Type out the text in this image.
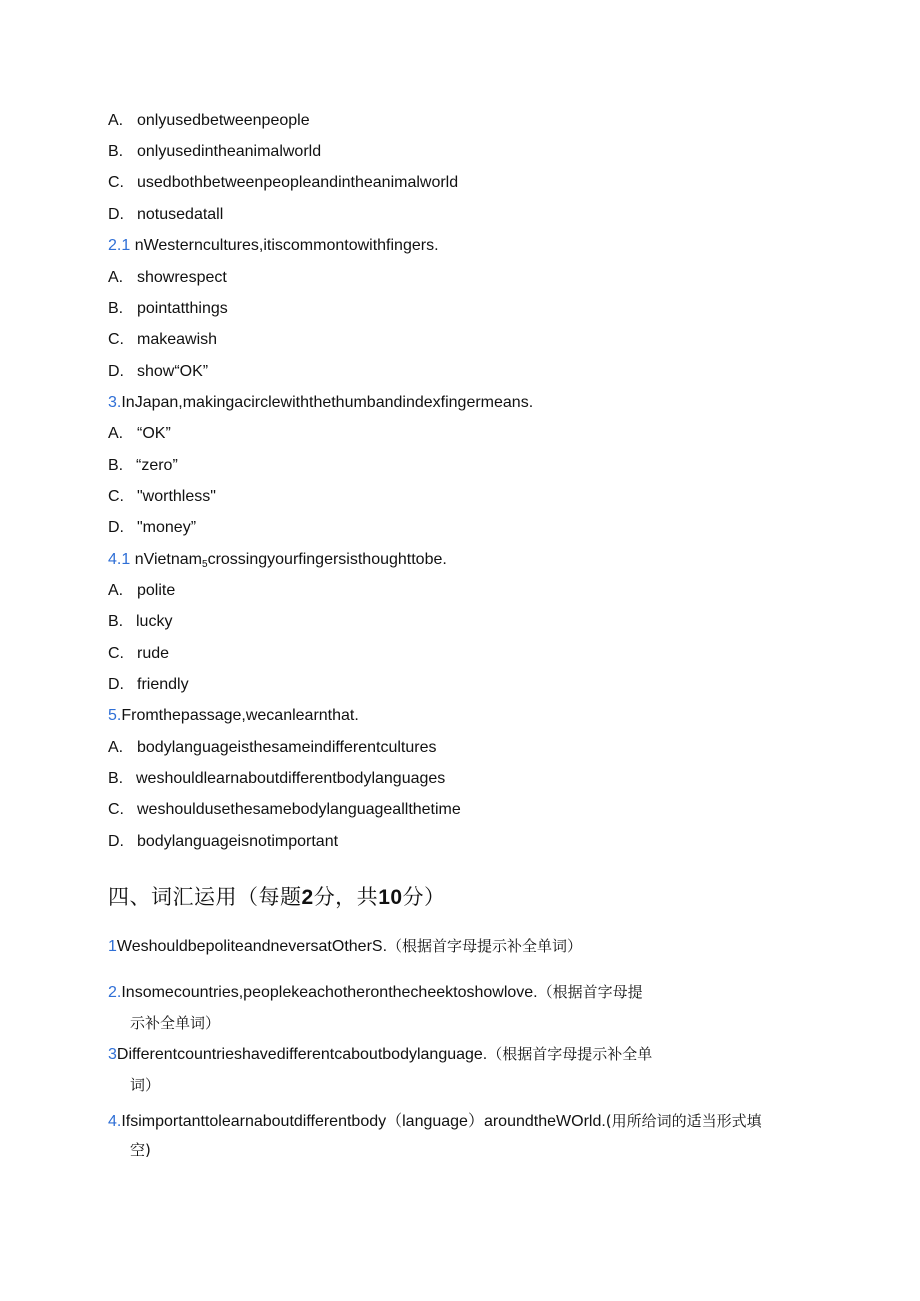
A. onlyusedbetweenpeople
B. onlyusedintheanimalworld
C. usedbothbetweenpeopleandintheanimalworld
D. notusedatall
2.1 nWesterncultures,itiscommontowithfingers.
A. showrespect
B. pointatthings
C. makeawish
D. show“OK”
3.InJapan,makingacirclewiththethumbandindexfingermeans.
A. “OK”
B. “zero”
C. "worthless"
D. "money”
4.1 nVietnam$_5$crossingyourfingersisthoughttobe.
A. polite
B. lucky
C. rude
D. friendly
5.Fromthepassage,wecanlearnthat.
A. bodylanguageisthesameindifferentcultures
B. weshouldlearnaboutdifferentbodylanguages
C. weshouldusethesamebodylanguageallthetime
D. bodylanguageisnotimportant
四、词汇运用（每题2分，共10分）
1WeshouldbepoliteandneversatOtherS.（根据首字母提示补全单词）
2.Insomecountries,peoplekeachotheronthecheektoshowlove.（根据首字母提
示补全单词）
3Differentcountrieshavedifferentcaboutbodylanguage.（根据首字母提示补全单
词）
4.Ifsimportanttolearnaboutdifferentbody（language）aroundtheWOrld.(用所给词的适当形式填
空)
